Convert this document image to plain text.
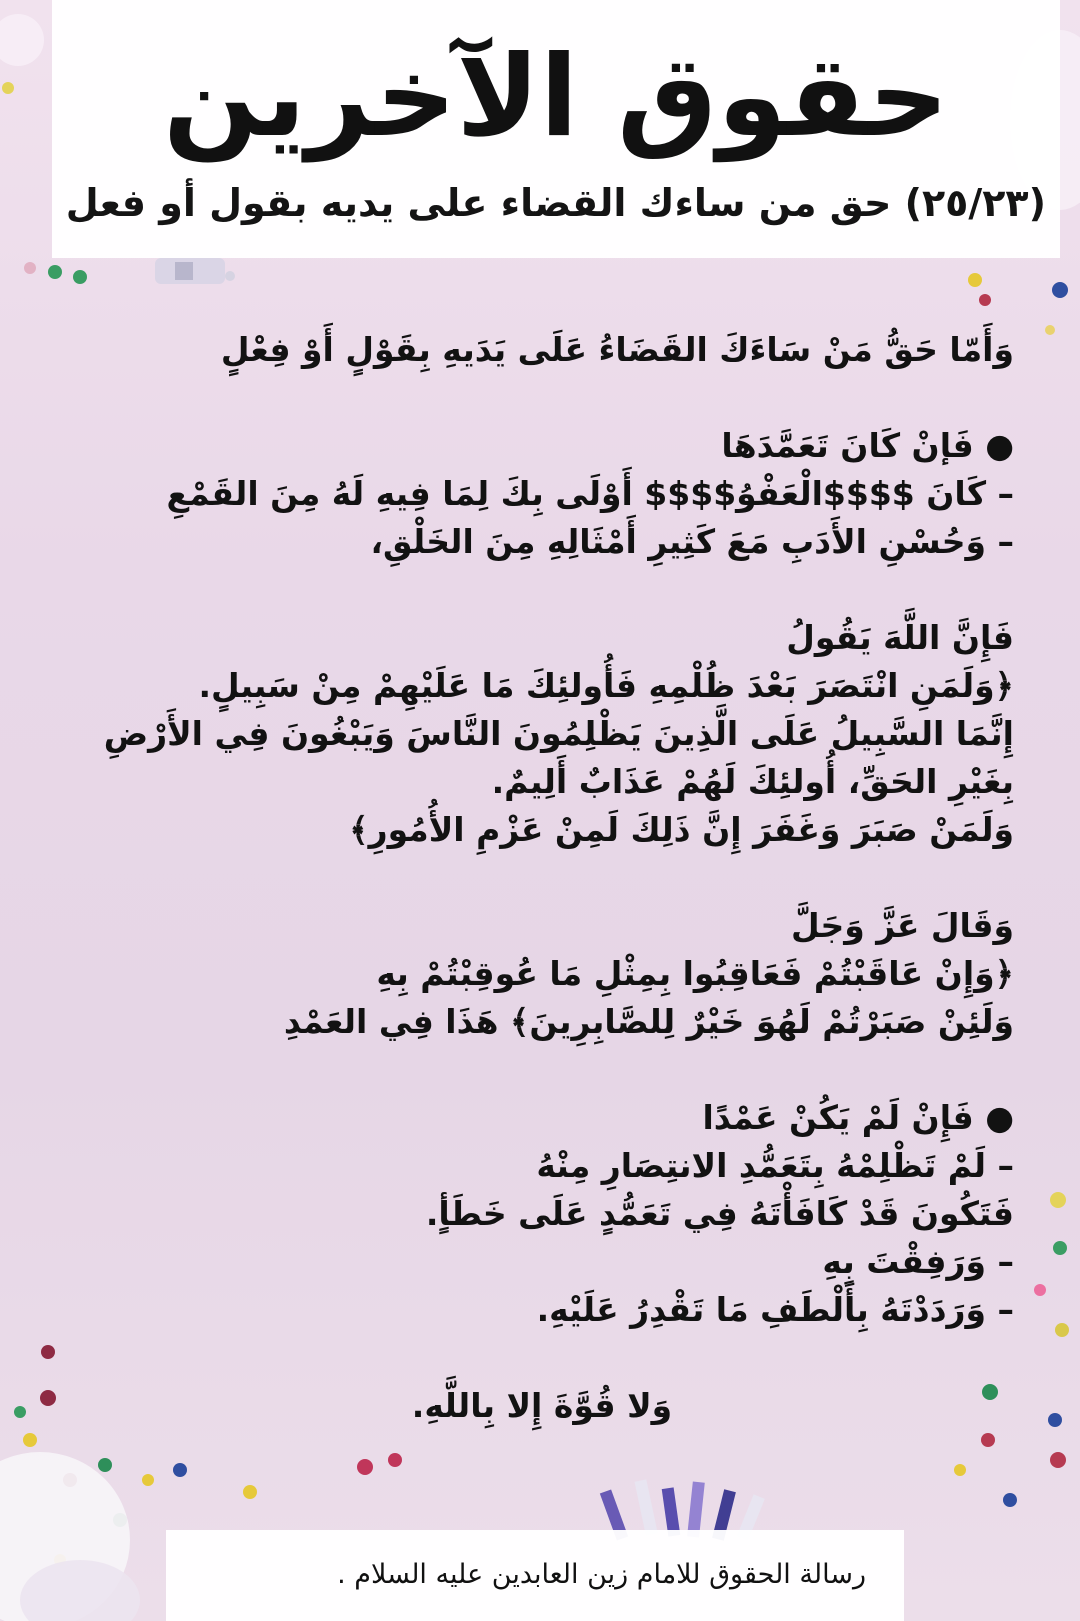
حقوق الآخرين
(٢٥/٢٣) حق من ساءك القضاء على يديه بقول أو فعل
وَأَمّا حَقُّ مَنْ سَاءَكَ القَضَاءُ عَلَى يَدَيهِ بِقَوْلٍ أَوْ فِعْلٍ
● فَإنْ كَانَ تَعَمَّدَهَا
– كَانَ $$$$الْعَفْوُ$$$$ أَوْلَى بِكَ لِمَا فِيهِ لَهُ مِنَ القَمْعِ
– وَحُسْنِ الأَدَبِ مَعَ كَثِيرِ أَمْثَالِهِ مِنَ الخَلْقِ،
فَإِنَّ اللَّهَ يَقُولُ
﴿وَلَمَنِ انْتَصَرَ بَعْدَ ظُلْمِهِ فَأُولئِكَ مَا عَلَيْهِمْ مِنْ سَبِيلٍ.
إِنَّمَا السَّبِيلُ عَلَى الَّذِينَ يَظْلِمُونَ النَّاسَ وَيَبْغُونَ فِي الأَرْضِ
بِغَيْرِ الحَقِّ، أُولئِكَ لَهُمْ عَذَابٌ أَلِيمٌ.
وَلَمَنْ صَبَرَ وَغَفَرَ إِنَّ ذَلِكَ لَمِنْ عَزْمِ الأُمُورِ﴾
وَقَالَ عَزَّ وَجَلَّ
﴿وَإِنْ عَاقَبْتُمْ فَعَاقِبُوا بِمِثْلِ مَا عُوقِبْتُمْ بِهِ
وَلَئِنْ صَبَرْتُمْ لَهُوَ خَيْرٌ لِلصَّابِرِينَ﴾ هَذَا فِي العَمْدِ
● فَإِنْ لَمْ يَكُنْ عَمْدًا
– لَمْ تَظْلِمْهُ بِتَعَمُّدِ الانتِصَارِ مِنْهُ
فَتَكُونَ قَدْ كَافَأْتَهُ فِي تَعَمُّدٍ عَلَى خَطَأٍ.
– وَرَفِقْتَ بِهِ
– وَرَدَدْتَهُ بِأَلْطَفِ مَا تَقْدِرُ عَلَيْهِ.
وَلا قُوَّةَ إِلا بِاللَّهِ.
رسالة الحقوق للامام زين العابدين عليه السلام .
